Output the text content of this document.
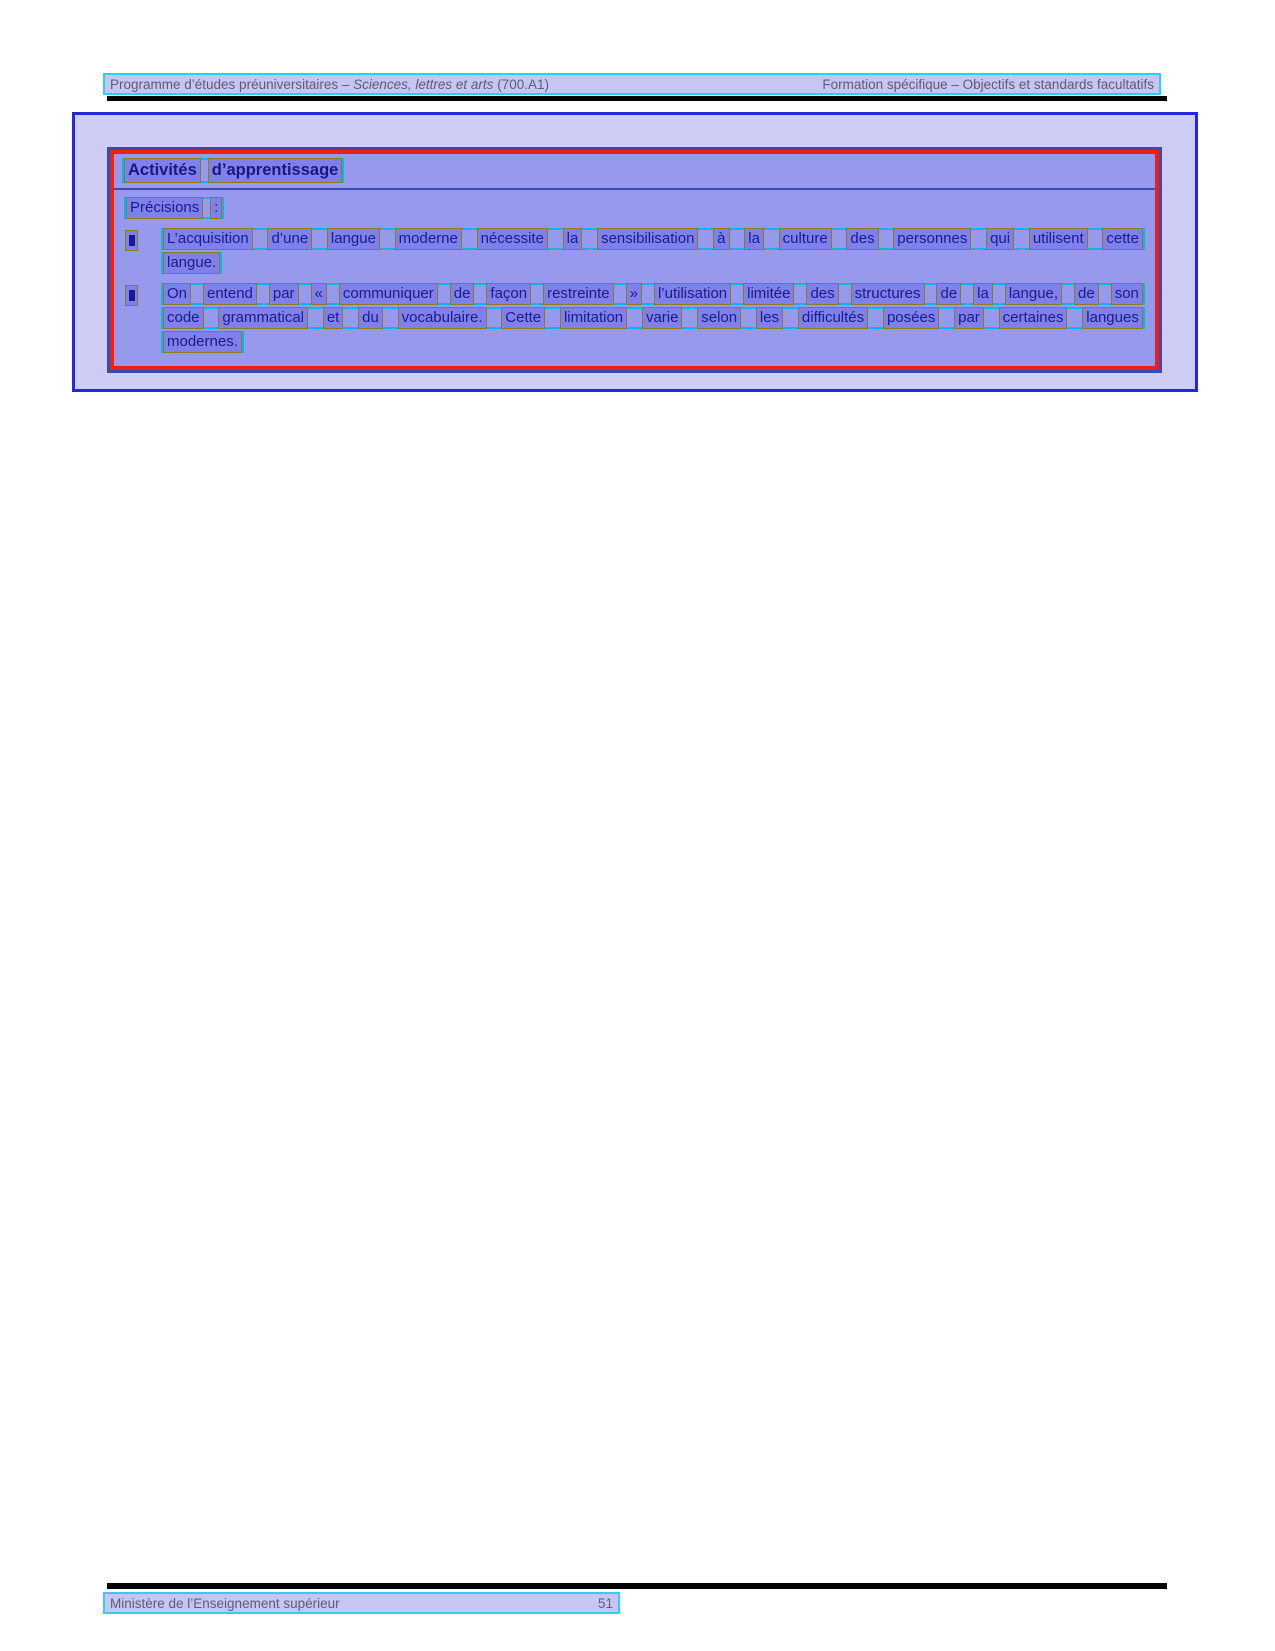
Programme d’études préuniversitaires – Sciences, lettres et arts (700.A1)	Formation spécifique – Objectifs et standards facultatifs
Activités d’apprentissage
Précisions :
L’acquisition d’une langue moderne nécessite la sensibilisation à la culture des personnes qui utilisent cette
langue.
On entend par « communiquer de façon restreinte » l’utilisation limitée des structures de la langue, de son
code grammatical et du vocabulaire. Cette limitation varie selon les difficultés posées par certaines langues
modernes.
Ministère de l’Enseignement supérieur	51
